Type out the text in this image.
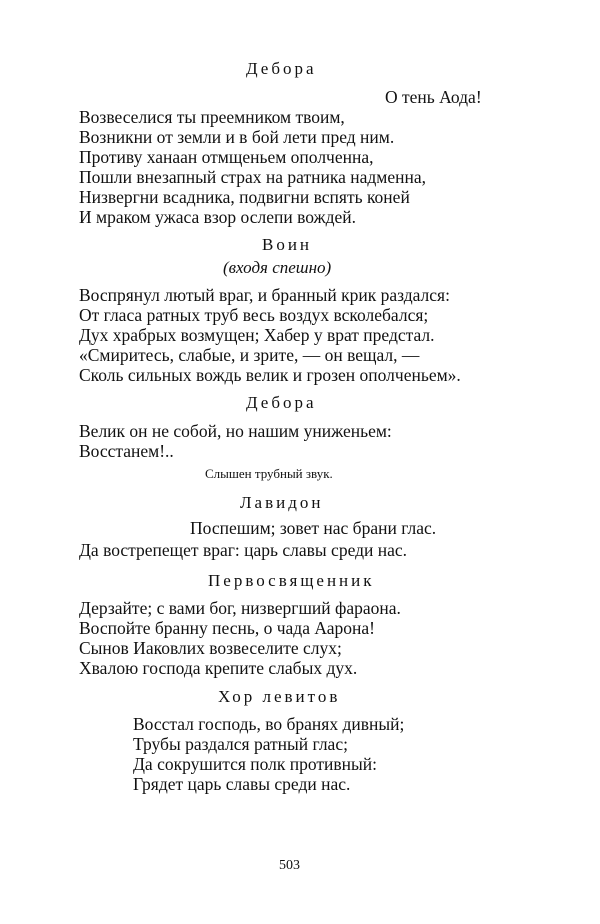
Дебора
О тень Аода!
Возвеселися ты преемником твоим,
Возникни от земли и в бой лети пред ним.
Противу ханаан отмщеньем ополченна,
Пошли внезапный страх на ратника надменна,
Низвергни всадника, подвигни вспять коней
И мраком ужаса взор ослепи вождей.
Воин
(входя спешно)
Воспрянул лютый враг, и бранный крик раздался:
От гласа ратных труб весь воздух всколебался;
Дух храбрых возмущен; Хабер у врат предстал.
«Смиритесь, слабые, и зрите, — он вещал, —
Сколь сильных вождь велик и грозен ополченьем».
Дебора
Велик он не собой, но нашим униженьем:
Восстанем!..
Слышен трубный звук.
Лавидон
Поспешим; зовет нас брани глас.
Да вострепещет враг: царь славы среди нас.
Первосвященник
Дерзайте; с вами бог, низвергший фараона.
Воспойте бранну песнь, о чада Аарона!
Сынов Иаковлих возвеселите слух;
Хвалою господа крепите слабых дух.
Хор левитов
Восстал господь, во бранях дивный;
Трубы раздался ратный глас;
Да сокрушится полк противный:
Грядет царь славы среди нас.
503
